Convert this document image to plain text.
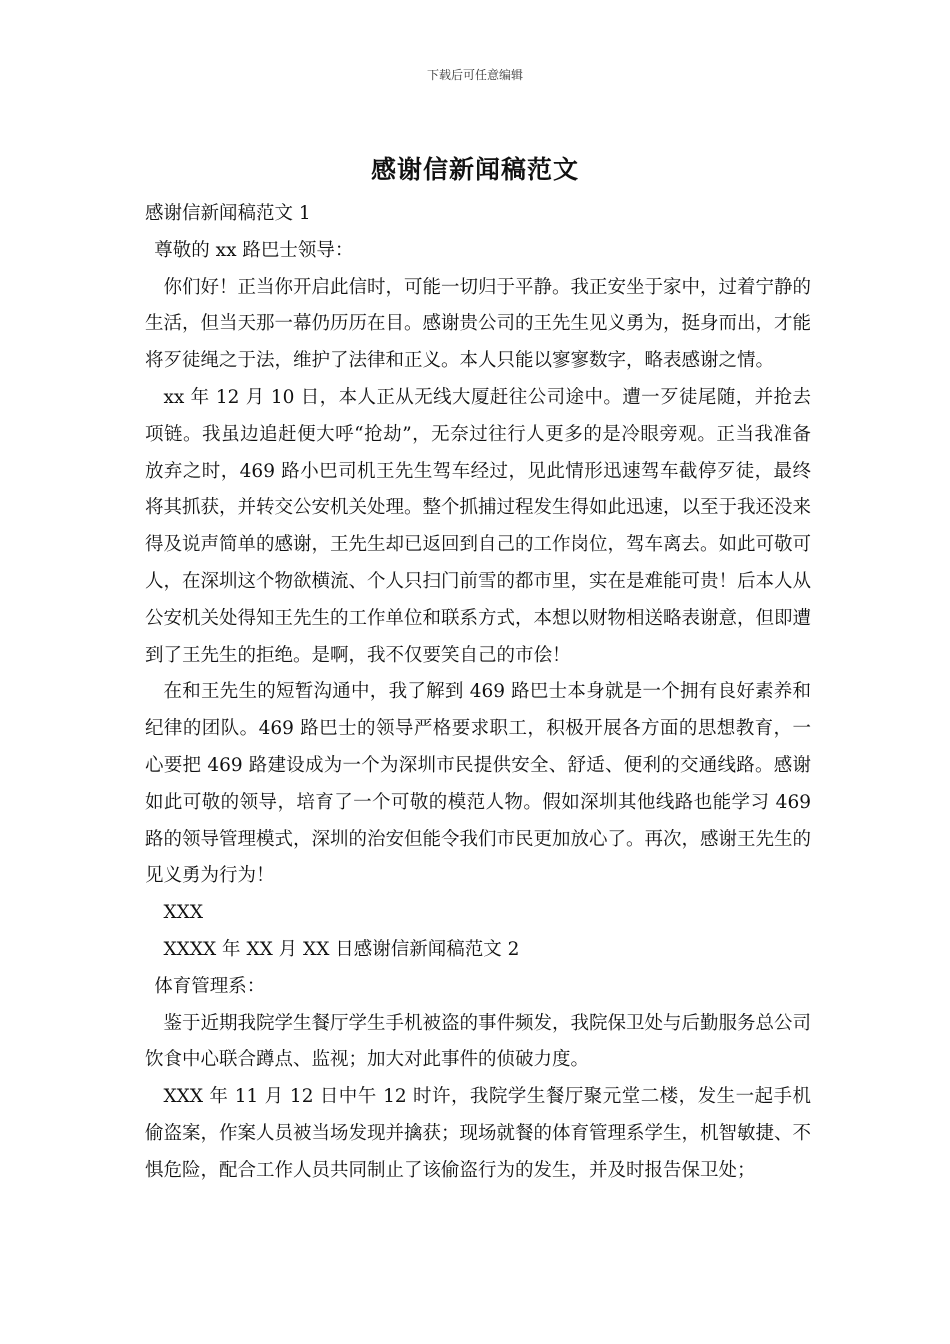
下载后可任意编辑
感谢信新闻稿范文

感谢信新闻稿范文 1

尊敬的 xx 路巴士领导：

你们好！正当你开启此信时，可能一切归于平静。我正安坐于家中，过着宁静的生活，但当天那一幕仍历历在目。感谢贵公司的王先生见义勇为，挺身而出，才能将歹徒绳之于法，维护了法律和正义。本人只能以寥寥数字，略表感谢之情。

xx 年 12 月 10 日，本人正从无线大厦赶往公司途中。遭一歹徒尾随，并抢去项链。我虽边追赶便大呼“抢劫”，无奈过往行人更多的是冷眼旁观。正当我准备放弃之时，469 路小巴司机王先生驾车经过，见此情形迅速驾车截停歹徒，最终将其抓获，并转交公安机关处理。整个抓捕过程发生得如此迅速，以至于我还没来得及说声简单的感谢，王先生却已返回到自己的工作岗位，驾车离去。如此可敬可人，在深圳这个物欲横流、个人只扫门前雪的都市里，实在是难能可贵！后本人从公安机关处得知王先生的工作单位和联系方式，本想以财物相送略表谢意，但即遭到了王先生的拒绝。是啊，我不仅要笑自己的市侩！

在和王先生的短暂沟通中，我了解到 469 路巴士本身就是一个拥有良好素养和纪律的团队。469 路巴士的领导严格要求职工，积极开展各方面的思想教育，一心要把 469 路建设成为一个为深圳市民提供安全、舒适、便利的交通线路。感谢如此可敬的领导，培育了一个可敬的模范人物。假如深圳其他线路也能学习 469 路的领导管理模式，深圳的治安但能令我们市民更加放心了。再次，感谢王先生的见义勇为行为！

XXX

XXXX 年 XX 月 XX 日感谢信新闻稿范文 2

体育管理系：

鉴于近期我院学生餐厅学生手机被盗的事件频发，我院保卫处与后勤服务总公司饮食中心联合蹲点、监视；加大对此事件的侦破力度。

XXX 年 11 月 12 日中午 12 时许，我院学生餐厅聚元堂二楼，发生一起手机偷盗案，作案人员被当场发现并擒获；现场就餐的体育管理系学生，机智敏捷、不惧危险，配合工作人员共同制止了该偷盗行为的发生，并及时报告保卫处；
